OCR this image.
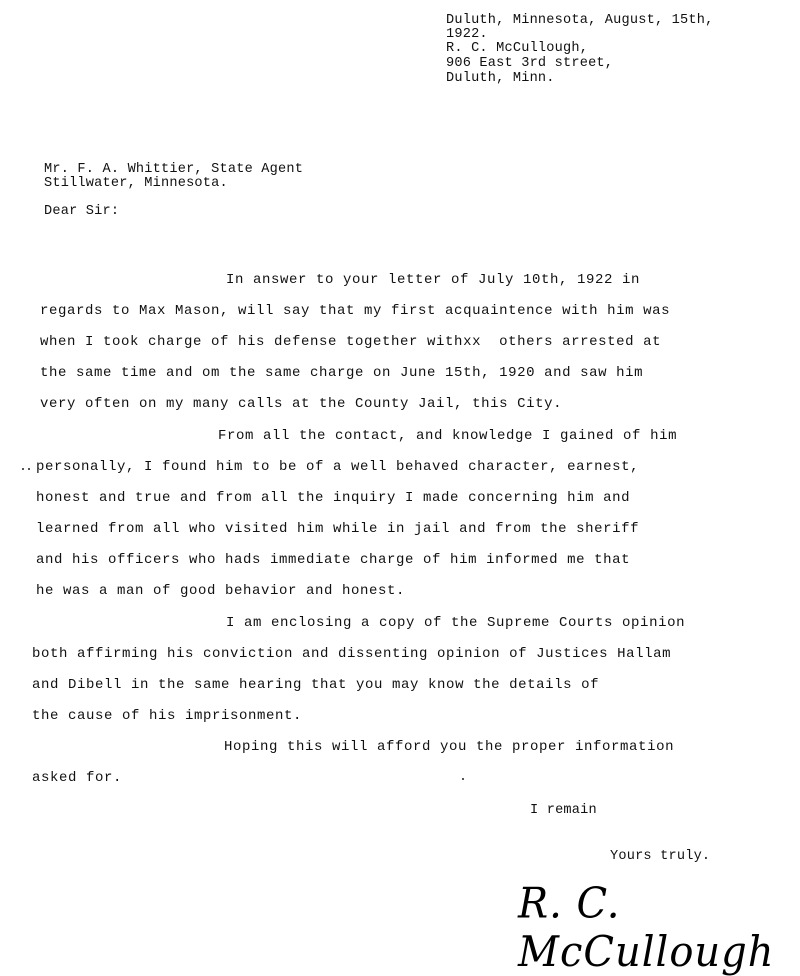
Duluth, Minnesota, August, 15th,
1922.
R. C. McCullough,
906 East 3rd street,
Duluth, Minn.
Mr. F. A. Whittier, State Agent
Stillwater, Minnesota.
Dear Sir:
In answer to your letter of July 10th, 1922 in
regards to Max Mason, will say that my first acquaintence with him was
when I took charge of his defense together withxx  others arrested at
the same time and om the same charge on June 15th, 1920 and saw him
very often on my many calls at the County Jail, this City.
From all the contact, and knowledge I gained of him
personally, I found him to be of a well behaved character, earnest,
honest and true and from all the inquiry I made concerning him and
learned from all who visited him while in jail and from the sheriff
and his officers who hads immediate charge of him informed me that
he was a man of good behavior and honest.
I am enclosing a copy of the Supreme Courts opinion
both affirming his conviction and dissenting opinion of Justices Hallam
and Dibell in the same hearing that you may know the details of
the cause of his imprisonment.
Hoping this will afford you the proper information
asked for.
I remain
Yours truly.
R. C. McCullough
